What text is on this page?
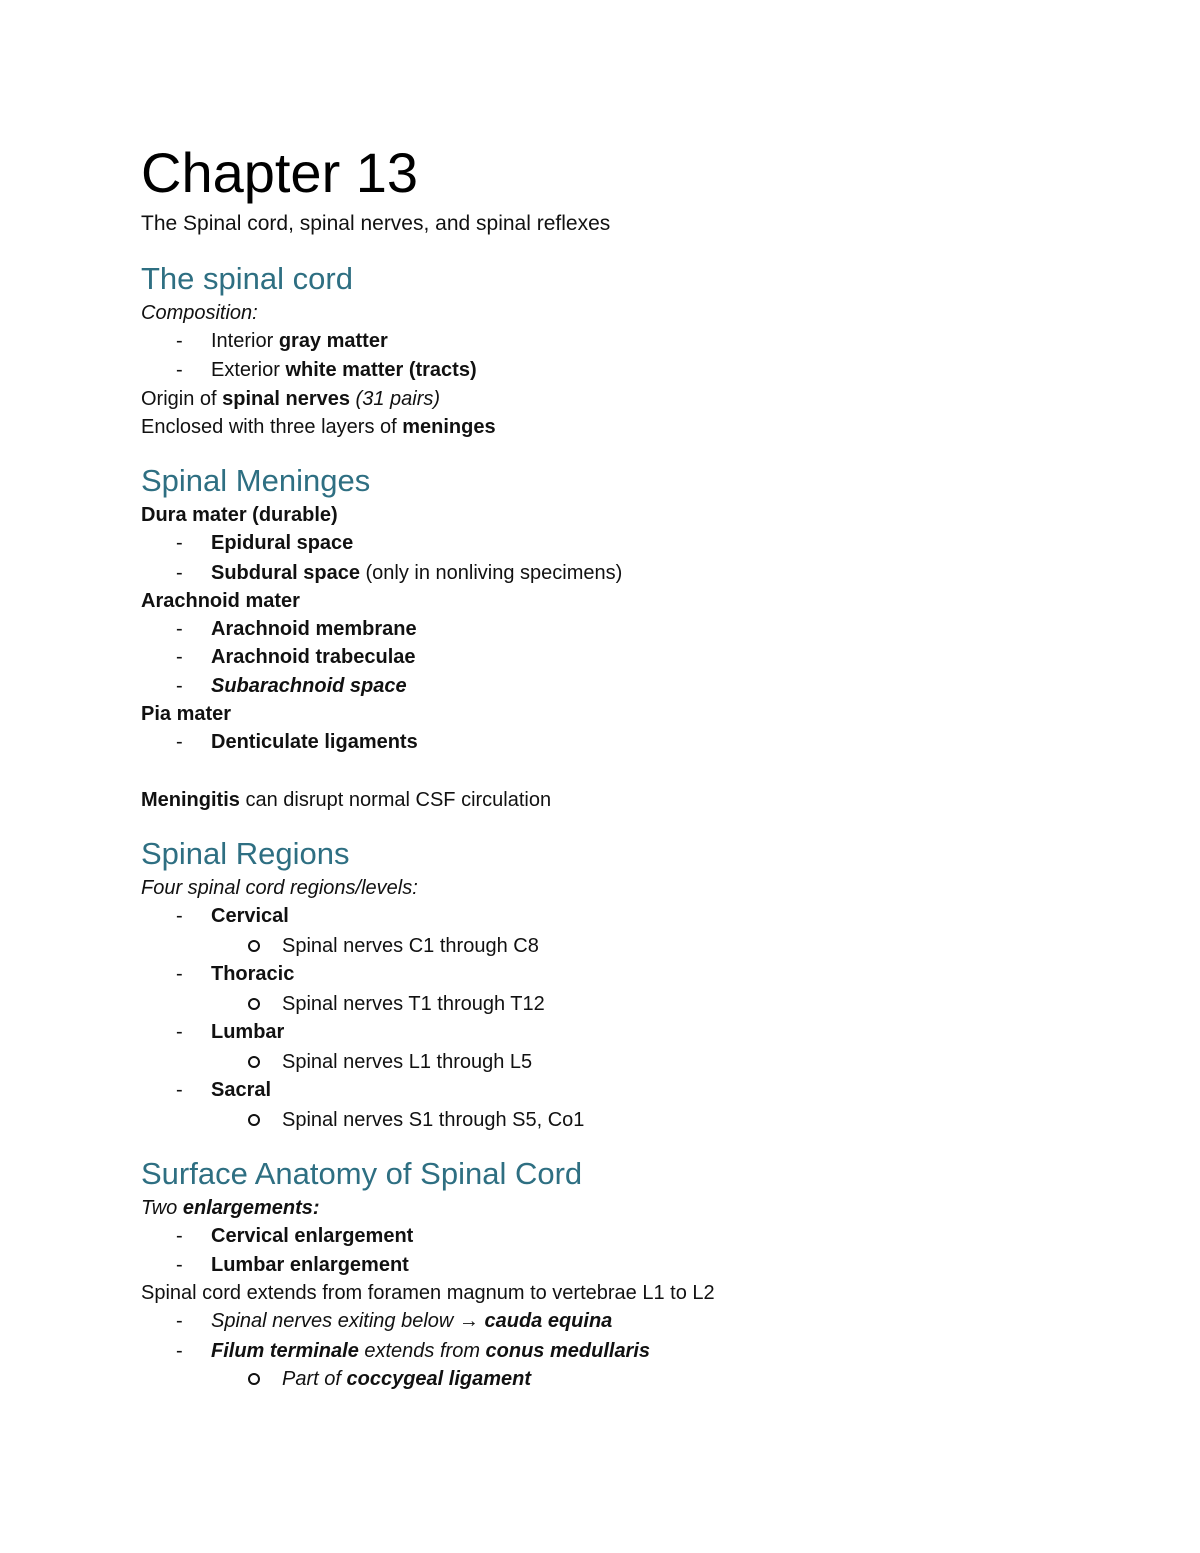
Chapter 13
The Spinal cord, spinal nerves, and spinal reflexes
The spinal cord
Composition:
- Interior gray matter
- Exterior white matter (tracts)
Origin of spinal nerves (31 pairs)
Enclosed with three layers of meninges
Spinal Meninges
Dura mater (durable)
- Epidural space
- Subdural space (only in nonliving specimens)
Arachnoid mater
- Arachnoid membrane
- Arachnoid trabeculae
- Subarachnoid space
Pia mater
- Denticulate ligaments
Meningitis can disrupt normal CSF circulation
Spinal Regions
Four spinal cord regions/levels:
- Cervical
Spinal nerves C1 through C8
- Thoracic
Spinal nerves T1 through T12
- Lumbar
Spinal nerves L1 through L5
- Sacral
Spinal nerves S1 through S5, Co1
Surface Anatomy of Spinal Cord
Two enlargements:
- Cervical enlargement
- Lumbar enlargement
Spinal cord extends from foramen magnum to vertebrae L1 to L2
- Spinal nerves exiting below → cauda equina
- Filum terminale extends from conus medullaris
Part of coccygeal ligament
